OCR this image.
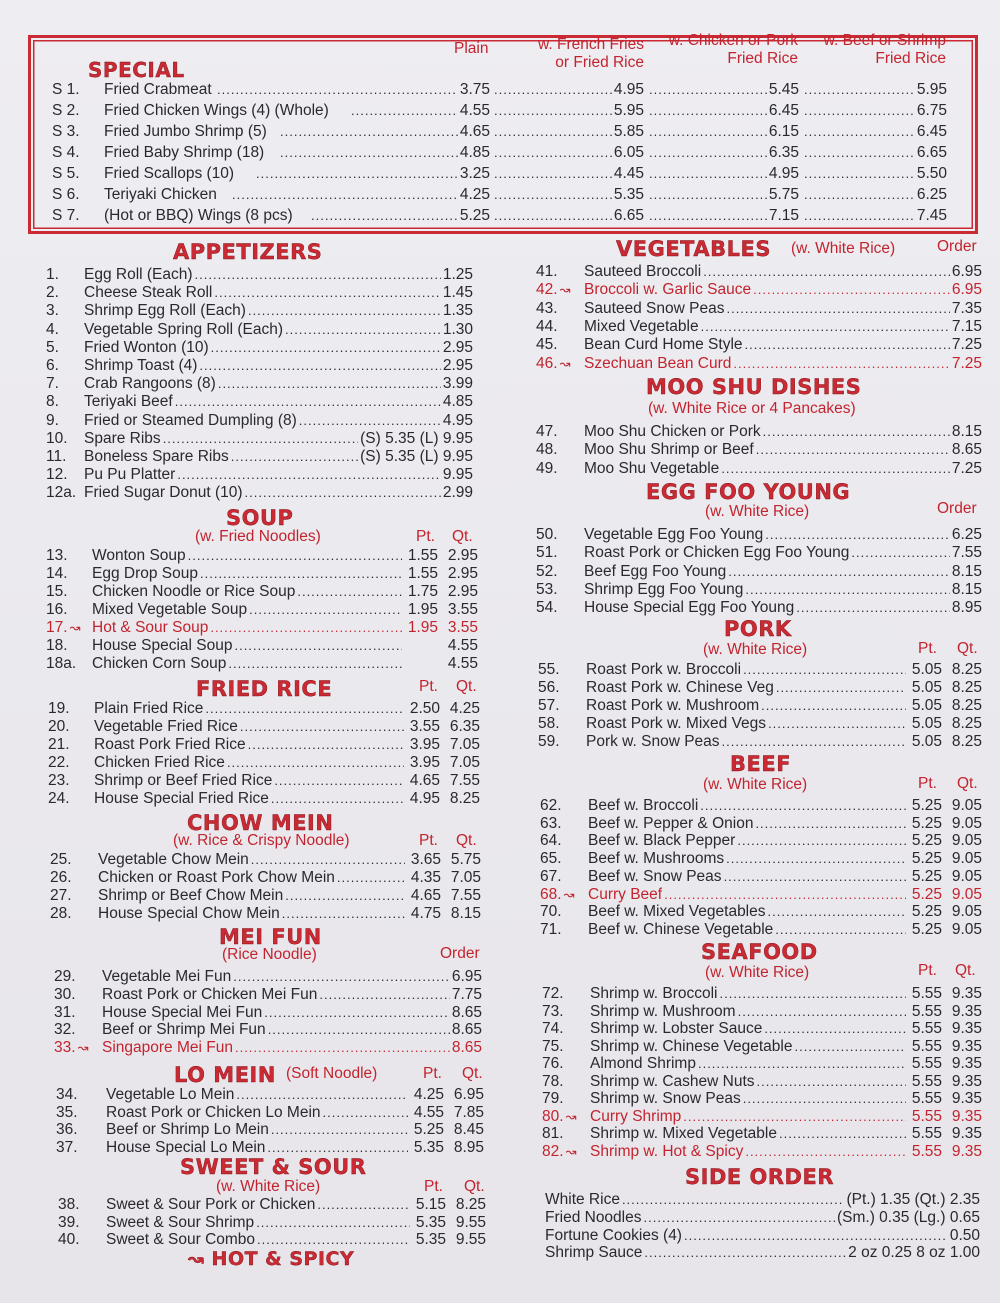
SPECIAL
Plain	w. French Fries
or Fried Rice
w. Chicken or Pork
Fried Rice
w. Beef or Shrimp
Fried Rice
S 1. Fried Crabmeat .....	3.75 .....	4.95 .....	5.45 .....	5.95
S 2. Fried Chicken Wings (4) (Whole) .....	4.55 .....	5.95 .....	6.45 .....	6.75
S 3. Fried Jumbo Shrimp (5) .....	4.65 .....	5.85 .....	6.15 .....	6.45
S 4. Fried Baby Shrimp (18) .....	4.85 .....	6.05 .....	6.35 .....	6.65
S 5. Fried Scallops (10) .....	3.25 .....	4.45 .....	4.95 .....	5.50
S 6. Teriyaki Chicken .....	4.25 .....	5.35 .....	5.75 .....	6.25
S 7. (Hot or BBQ) Wings (8 pcs) .....	5.25 .....	6.65 .....	7.15 .....	7.45
APPETIZERS
1.	Egg Roll (Each) .....	1.25
2.	Cheese Steak Roll .....	1.45
3.	Shrimp Egg Roll (Each) .....	1.35
4.	Vegetable Spring Roll (Each) .....	1.30
5.	Fried Wonton (10) .....	2.95
6.	Shrimp Toast (4) .....	2.95
7.	Crab Rangoons (8) .....	3.99
8.	Teriyaki Beef .....	4.85
9.	Fried or Steamed Dumpling (8) .....	4.95
10.	Spare Ribs .....	(S) 5.35 (L) 9.95
11.	Boneless Spare Ribs .....	(S) 5.35 (L) 9.95
12.	Pu Pu Platter .....	9.95
12a. Fried Sugar Donut (10) .....	2.99
SOUP
(w. Fried Noodles)	Pt. Qt.
13.	Wonton Soup .....	1.55 2.95
14.	Egg Drop Soup .....	1.55 2.95
15.	Chicken Noodle or Rice Soup .....	1.75 2.95
16.	Mixed Vegetable Soup .....	1.95 3.55
17. ↝ Hot & Sour Soup .....	1.95 3.55
18.	House Special Soup .....	4.55
18a.	Chicken Corn Soup .....	4.55
FRIED RICE	Pt. Qt.
19.	Plain Fried Rice .....	2.50 4.25
20.	Vegetable Fried Rice .....	3.55 6.35
21.	Roast Pork Fried Rice .....	3.95 7.05
22.	Chicken Fried Rice .....	3.95 7.05
23.	Shrimp or Beef Fried Rice .....	4.65 7.55
24.	House Special Fried Rice .....	4.95 8.25
CHOW MEIN
(w. Rice & Crispy Noodle)	Pt. Qt.
25.	Vegetable Chow Mein .....	3.65 5.75
26.	Chicken or Roast Pork Chow Mein .....	4.35 7.05
27.	Shrimp or Beef Chow Mein .....	4.65 7.55
28.	House Special Chow Mein .....	4.75 8.15
MEI FUN
(Rice Noodle)	Order
29.	Vegetable Mei Fun .....	6.95
30.	Roast Pork or Chicken Mei Fun .....	7.75
31.	House Special Mei Fun .....	8.65
32.	Beef or Shrimp Mei Fun .....	8.65
33. ↝ Singapore Mei Fun .....	8.65
LO MEIN (Soft Noodle)	Pt. Qt.
34.	Vegetable Lo Mein .....	4.25 6.95
35.	Roast Pork or Chicken Lo Mein .....	4.55 7.85
36.	Beef or Shrimp Lo Mein .....	5.25 8.45
37.	House Special Lo Mein .....	5.35 8.95
SWEET & SOUR
(w. White Rice)	Pt. Qt.
38.	Sweet & Sour Pork or Chicken .....	5.15 8.25
39.	Sweet & Sour Shrimp .....	5.35 9.55
40.	Sweet & Sour Combo .....	5.35 9.55
↝ HOT & SPICY
VEGETABLES (w. White Rice)	Order
41.	Sauteed Broccoli .....	6.95
42. ↝ Broccoli w. Garlic Sauce .....	6.95
43.	Sauteed Snow Peas .....	7.35
44.	Mixed Vegetable .....	7.15
45.	Bean Curd Home Style .....	7.25
46. ↝ Szechuan Bean Curd .....	7.25
MOO SHU DISHES
(w. White Rice or 4 Pancakes)
47.	Moo Shu Chicken or Pork .....	8.15
48.	Moo Shu Shrimp or Beef .....	8.65
49.	Moo Shu Vegetable .....	7.25
EGG FOO YOUNG
(w. White Rice)	Order
50.	Vegetable Egg Foo Young .....	6.25
51.	Roast Pork or Chicken Egg Foo Young .....	7.55
52.	Beef Egg Foo Young .....	8.15
53.	Shrimp Egg Foo Young .....	8.15
54.	House Special Egg Foo Young .....	8.95
PORK
(w. White Rice)	Pt. Qt.
55.	Roast Pork w. Broccoli .....	5.05 8.25
56.	Roast Pork w. Chinese Veg .....	5.05 8.25
57.	Roast Pork w. Mushroom .....	5.05 8.25
58.	Roast Pork w. Mixed Vegs .....	5.05 8.25
59.	Pork w. Snow Peas .....	5.05 8.25
BEEF
(w. White Rice)	Pt. Qt.
62.	Beef w. Broccoli .....	5.25 9.05
63.	Beef w. Pepper & Onion .....	5.25 9.05
64.	Beef w. Black Pepper .....	5.25 9.05
65.	Beef w. Mushrooms .....	5.25 9.05
67.	Beef w. Snow Peas .....	5.25 9.05
68. ↝ Curry Beef .....	5.25 9.05
70.	Beef w. Mixed Vegetables .....	5.25 9.05
71.	Beef w. Chinese Vegetable .....	5.25 9.05
SEAFOOD
(w. White Rice)	Pt. Qt.
72.	Shrimp w. Broccoli .....	5.55 9.35
73.	Shrimp w. Mushroom .....	5.55 9.35
74.	Shrimp w. Lobster Sauce .....	5.55 9.35
75.	Shrimp w. Chinese Vegetable .....	5.55 9.35
76.	Almond Shrimp .....	5.55 9.35
78.	Shrimp w. Cashew Nuts .....	5.55 9.35
79.	Shrimp w. Snow Peas .....	5.55 9.35
80. ↝ Curry Shrimp .....	5.55 9.35
81.	Shrimp w. Mixed Vegetable .....	5.55 9.35
82. ↝ Shrimp w. Hot & Spicy .....	5.55 9.35
SIDE ORDER
White Rice .....	(Pt.) 1.35 (Qt.) 2.35
Fried Noodles .....	(Sm.) 0.35 (Lg.) 0.65
Fortune Cookies (4) .....	0.50
Shrimp Sauce .....	2 oz 0.25 8 oz 1.00
